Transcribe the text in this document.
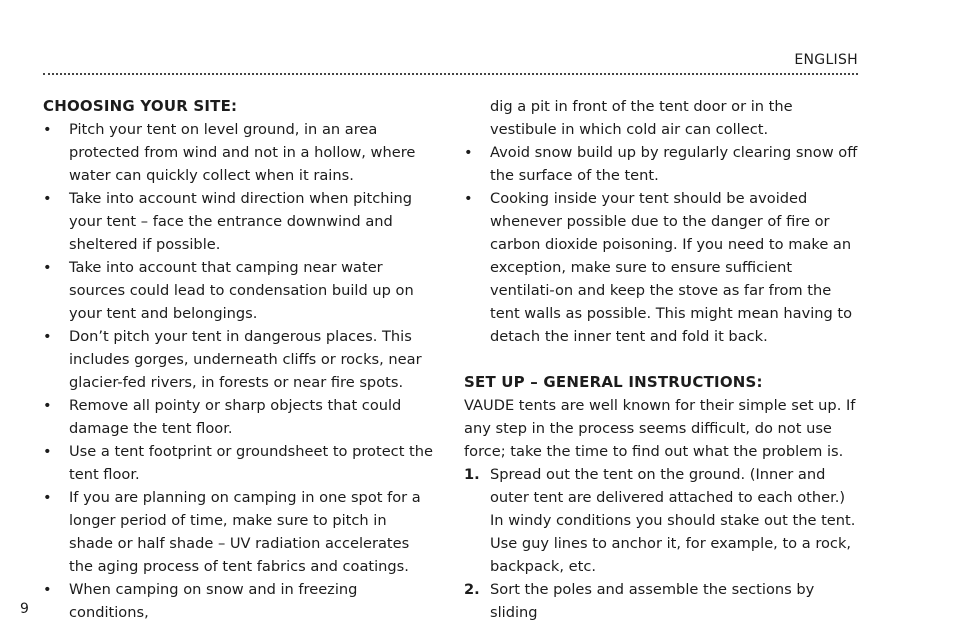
ENGLISH
CHOOSING YOUR SITE:
• Pitch your tent on level ground, in an area protected from wind and not in a hollow, where water can quickly collect when it rains.
• Take into account wind direction when pitching your tent – face the entrance downwind and sheltered if possible.
• Take into account that camping near water sources could lead to condensation build up on your tent and belongings.
• Don’t pitch your tent in dangerous places. This includes gorges, underneath cliffs or rocks, near glacier-fed rivers, in forests or near fire spots.
• Remove all pointy or sharp objects that could damage the tent floor.
• Use a tent footprint or groundsheet to protect the tent floor.
• If you are planning on camping in one spot for a longer period of time, make sure to pitch in shade or half shade – UV radiation accelerates the aging process of tent fabrics and coatings.
• When camping on snow and in freezing conditions,

dig a pit in front of the tent door or in the vestibule in which cold air can collect.

• Avoid snow build up by regularly clearing snow off the surface of the tent.
• Cooking inside your tent should be avoided whenever possible due to the danger of fire or carbon dioxide poisoning. If you need to make an exception, make sure to ensure sufficient ventilati-on and keep the stove as far from the tent walls as possible. This might mean having to detach the inner tent and fold it back.
SET UP – GENERAL INSTRUCTIONS:

VAUDE tents are well known for their simple set up. If any step in the process seems difficult, do not use force; take the time to find out what the problem is.

1. Spread out the tent on the ground. (Inner and outer tent are delivered attached to each other.) In windy conditions you should stake out the tent. Use guy lines to anchor it, for example, to a rock, backpack, etc.
2. Sort the poles and assemble the sections by sliding
9
